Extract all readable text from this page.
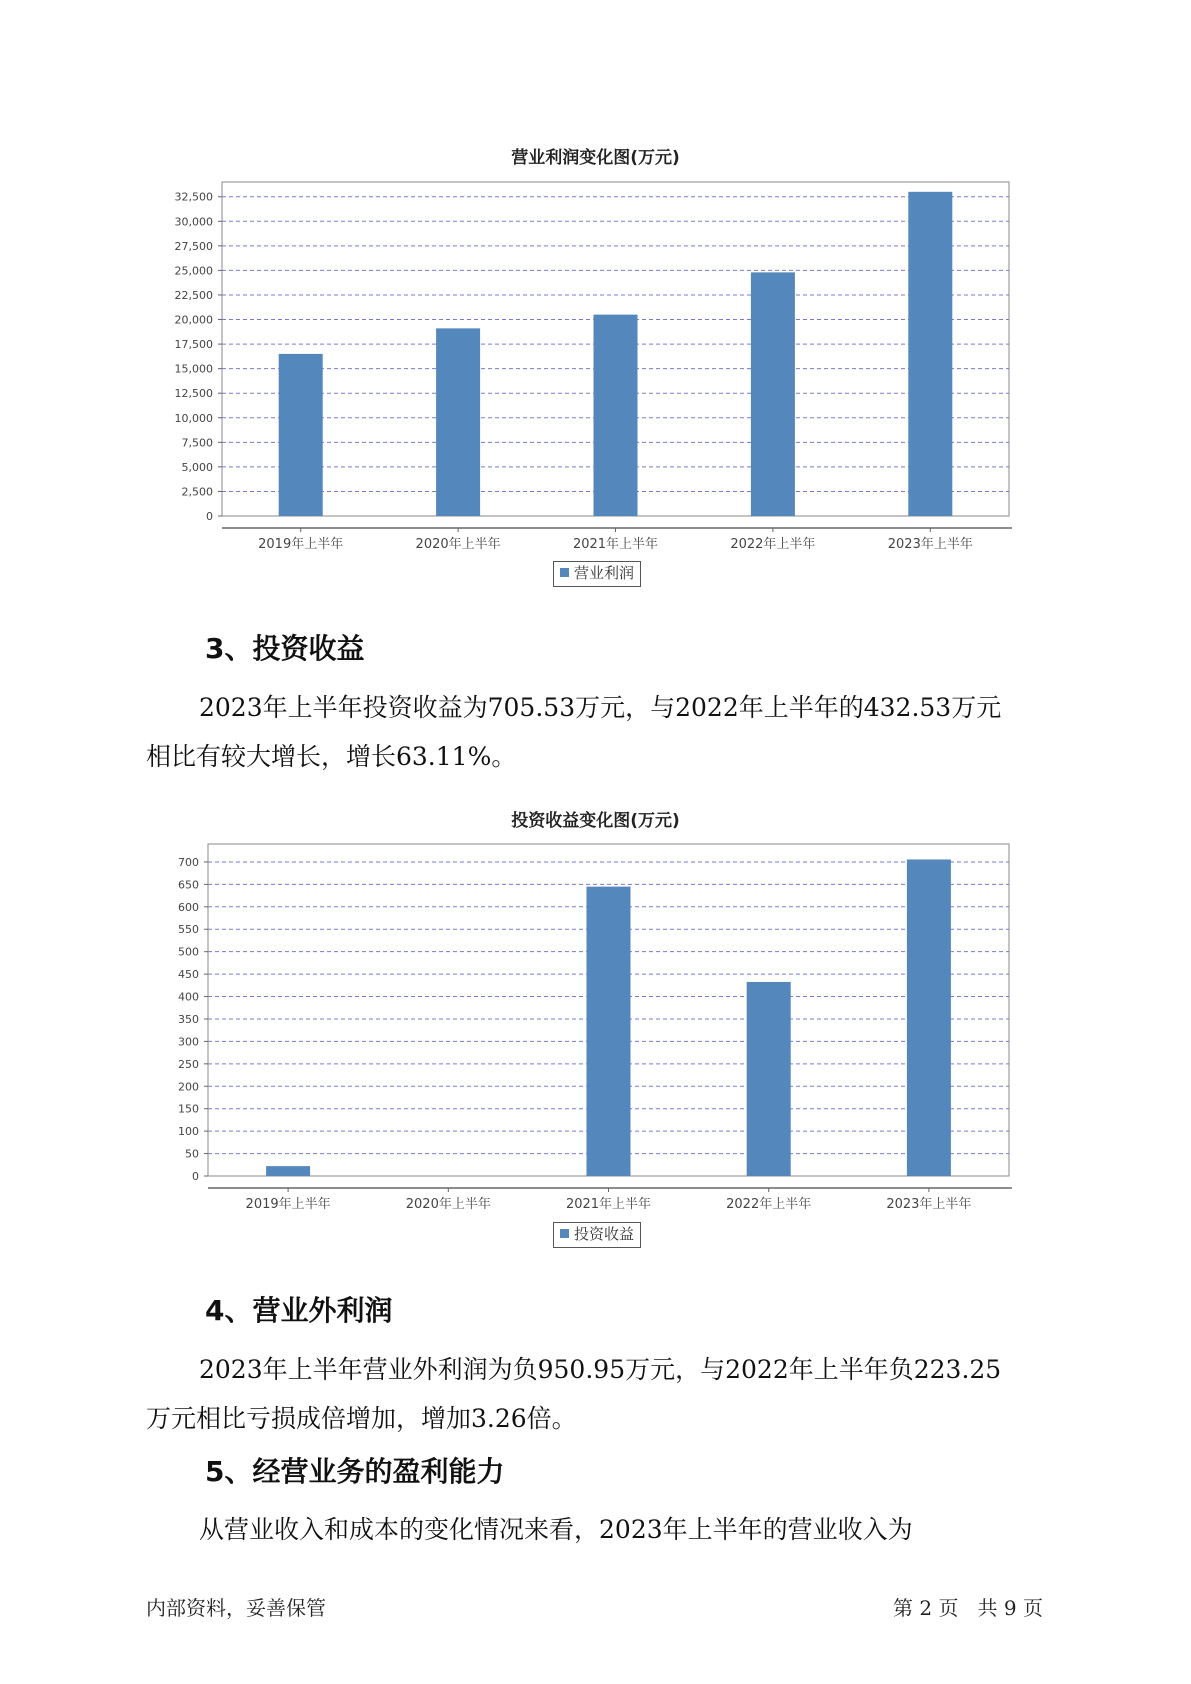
营业利润变化图(万元)
0
2,500
5,000
7,500
10,000
12,500
15,000
17,500
20,000
22,500
25,000
27,500
30,000
32,500
2019年上半年	2020年上半年	2021年上半年	2022年上半年	2023年上半年
营业利润
3、投资收益
2023年上半年投资收益为705.53万元，与2022年上半年的432.53万元
相比有较大增长，增长63.11%。
投资收益变化图(万元)
0
50
100
150
200
250
300
350
400
450
500
550
600
650
700
2019年上半年	2020年上半年	2021年上半年	2022年上半年	2023年上半年
投资收益
4、营业外利润
2023年上半年营业外利润为负950.95万元，与2022年上半年负223.25
万元相比亏损成倍增加，增加3.26倍。
5、经营业务的盈利能力
从营业收入和成本的变化情况来看，2023年上半年的营业收入为
内部资料，妥善保管	第 2 页   共 9 页
